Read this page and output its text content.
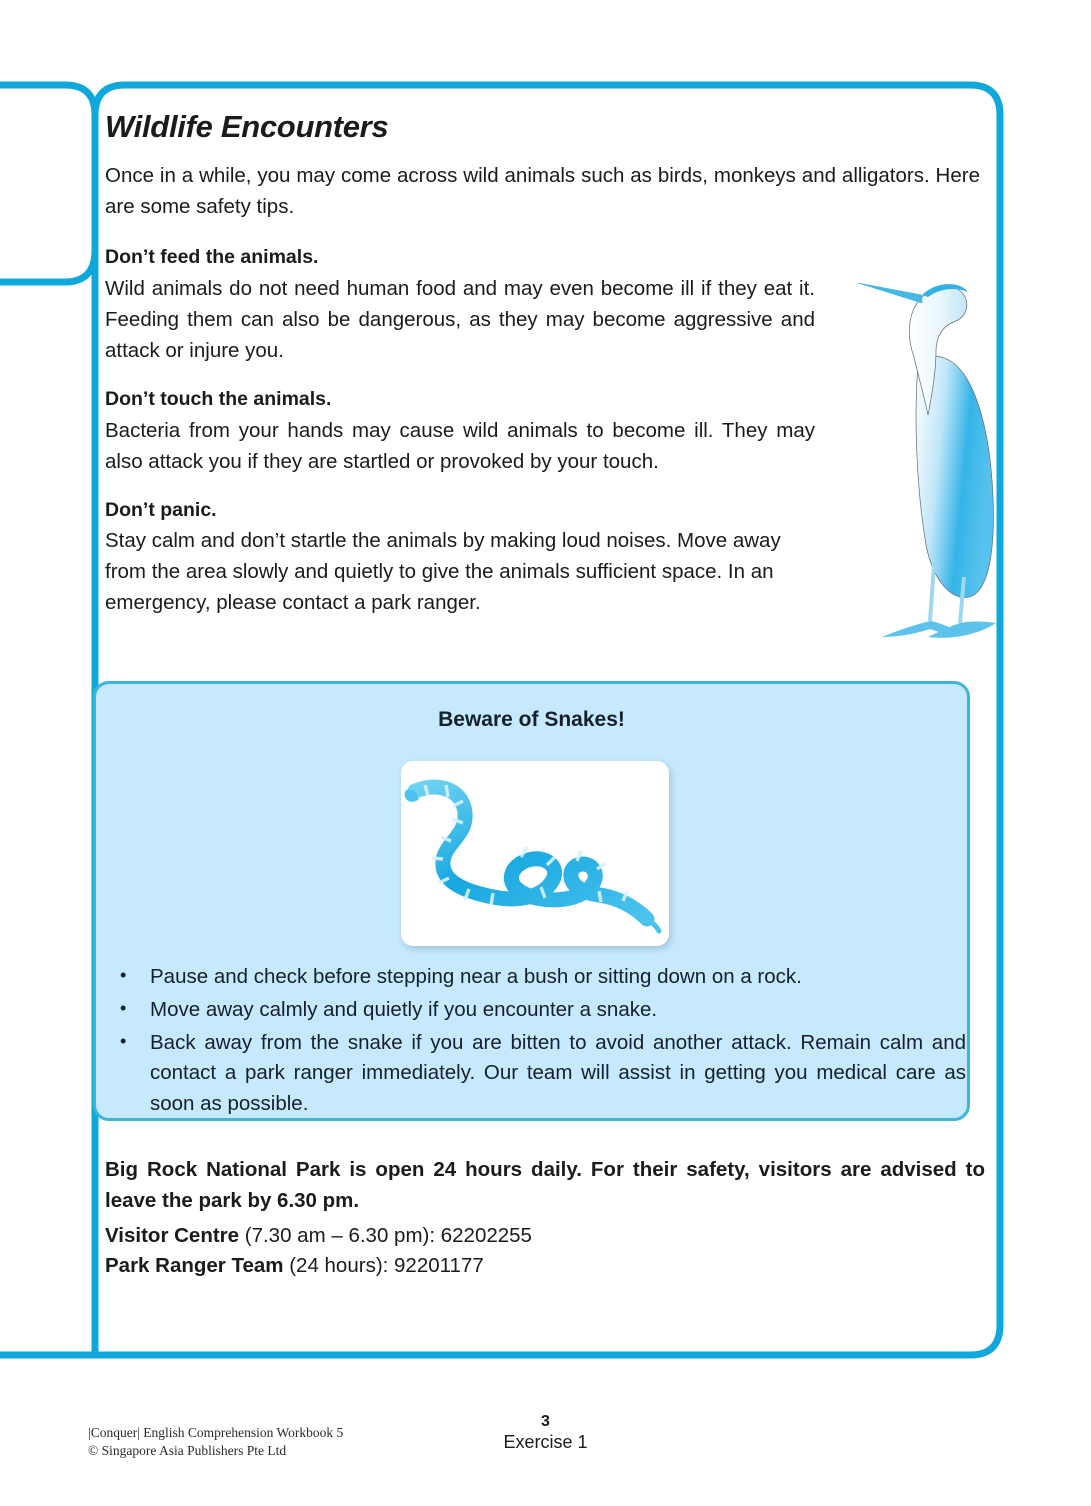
Wildlife Encounters

Once in a while, you may come across wild animals such as birds, monkeys and alligators. Here are some safety tips.

Don’t feed the animals.

Wild animals do not need human food and may even become ill if they eat it. Feeding them can also be dangerous, as they may become aggressive and attack or injure you.

Don’t touch the animals.

Bacteria from your hands may cause wild animals to become ill. They may also attack you if they are startled or provoked by your touch.

Don’t panic.

Stay calm and don’t startle the animals by making loud noises. Move away from the area slowly and quietly to give the animals sufficient space. In an emergency, please contact a park ranger.

Beware of Snakes!

• Pause and check before stepping near a bush or sitting down on a rock.
• Move away calmly and quietly if you encounter a snake.
• Back away from the snake if you are bitten to avoid another attack. Remain calm and contact a park ranger immediately. Our team will assist in getting you medical care as soon as possible.

Big Rock National Park is open 24 hours daily. For their safety, visitors are advised to leave the park by 6.30 pm.

Visitor Centre (7.30 am – 6.30 pm): 62202255

Park Ranger Team (24 hours): 92201177

|Conquer| English Comprehension Workbook 5
© Singapore Asia Publishers Pte Ltd
3
Exercise 1
